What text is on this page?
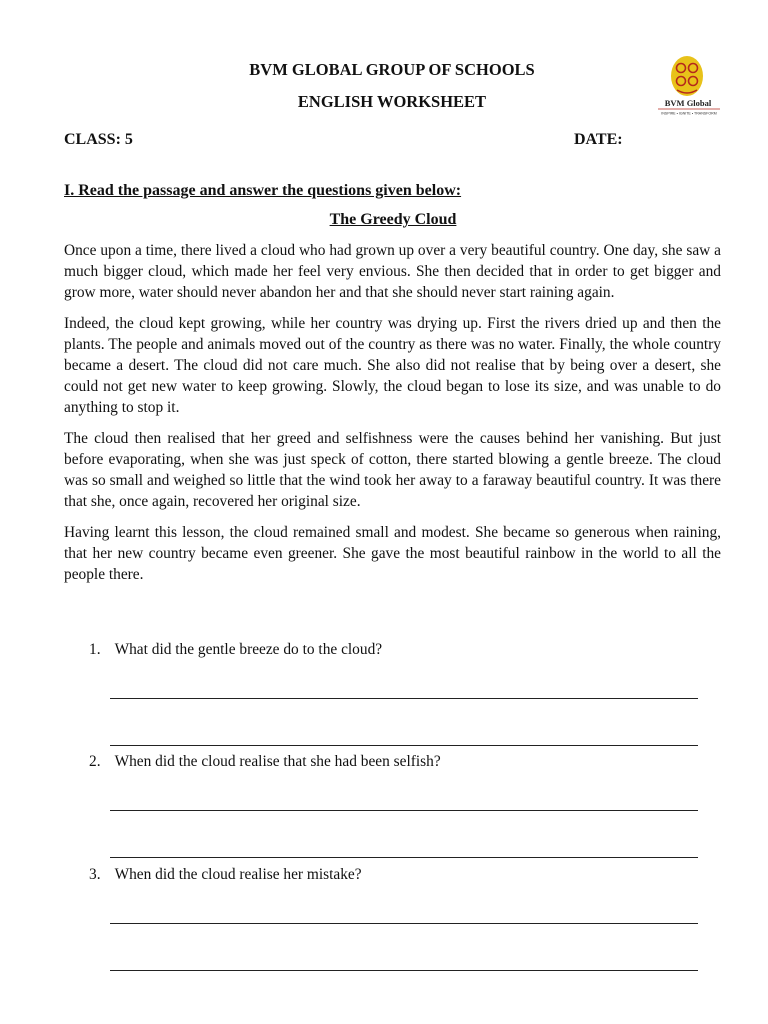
BVM GLOBAL GROUP OF SCHOOLS
ENGLISH WORKSHEET	BVM Global
INSPIRE • IGNITE • TRANSFORM
CLASS: 5	DATE:
I. Read the passage and answer the questions given below:
The Greedy Cloud

Once upon a time, there lived a cloud who had grown up over a very beautiful country. One day, she saw a much bigger cloud, which made her feel very envious. She then decided that in order to get bigger and grow more, water should never abandon her and that she should never start raining again.

Indeed, the cloud kept growing, while her country was drying up. First the rivers dried up and then the plants. The people and animals moved out of the country as there was no water. Finally, the whole country became a desert. The cloud did not care much. She also did not realise that by being over a desert, she could not get new water to keep growing. Slowly, the cloud began to lose its size, and was unable to do anything to stop it.

The cloud then realised that her greed and selfishness were the causes behind her vanishing. But just before evaporating, when she was just speck of cotton, there started blowing a gentle breeze. The cloud was so small and weighed so little that the wind took her away to a faraway beautiful country. It was there that she, once again, recovered her original size.

Having learnt this lesson, the cloud remained small and modest. She became so generous when raining, that her new country became even greener. She gave the most beautiful rainbow in the world to all the people there.

1. What did the gentle breeze do to the cloud?
2. When did the cloud realise that she had been selfish?
3. When did the cloud realise her mistake?
